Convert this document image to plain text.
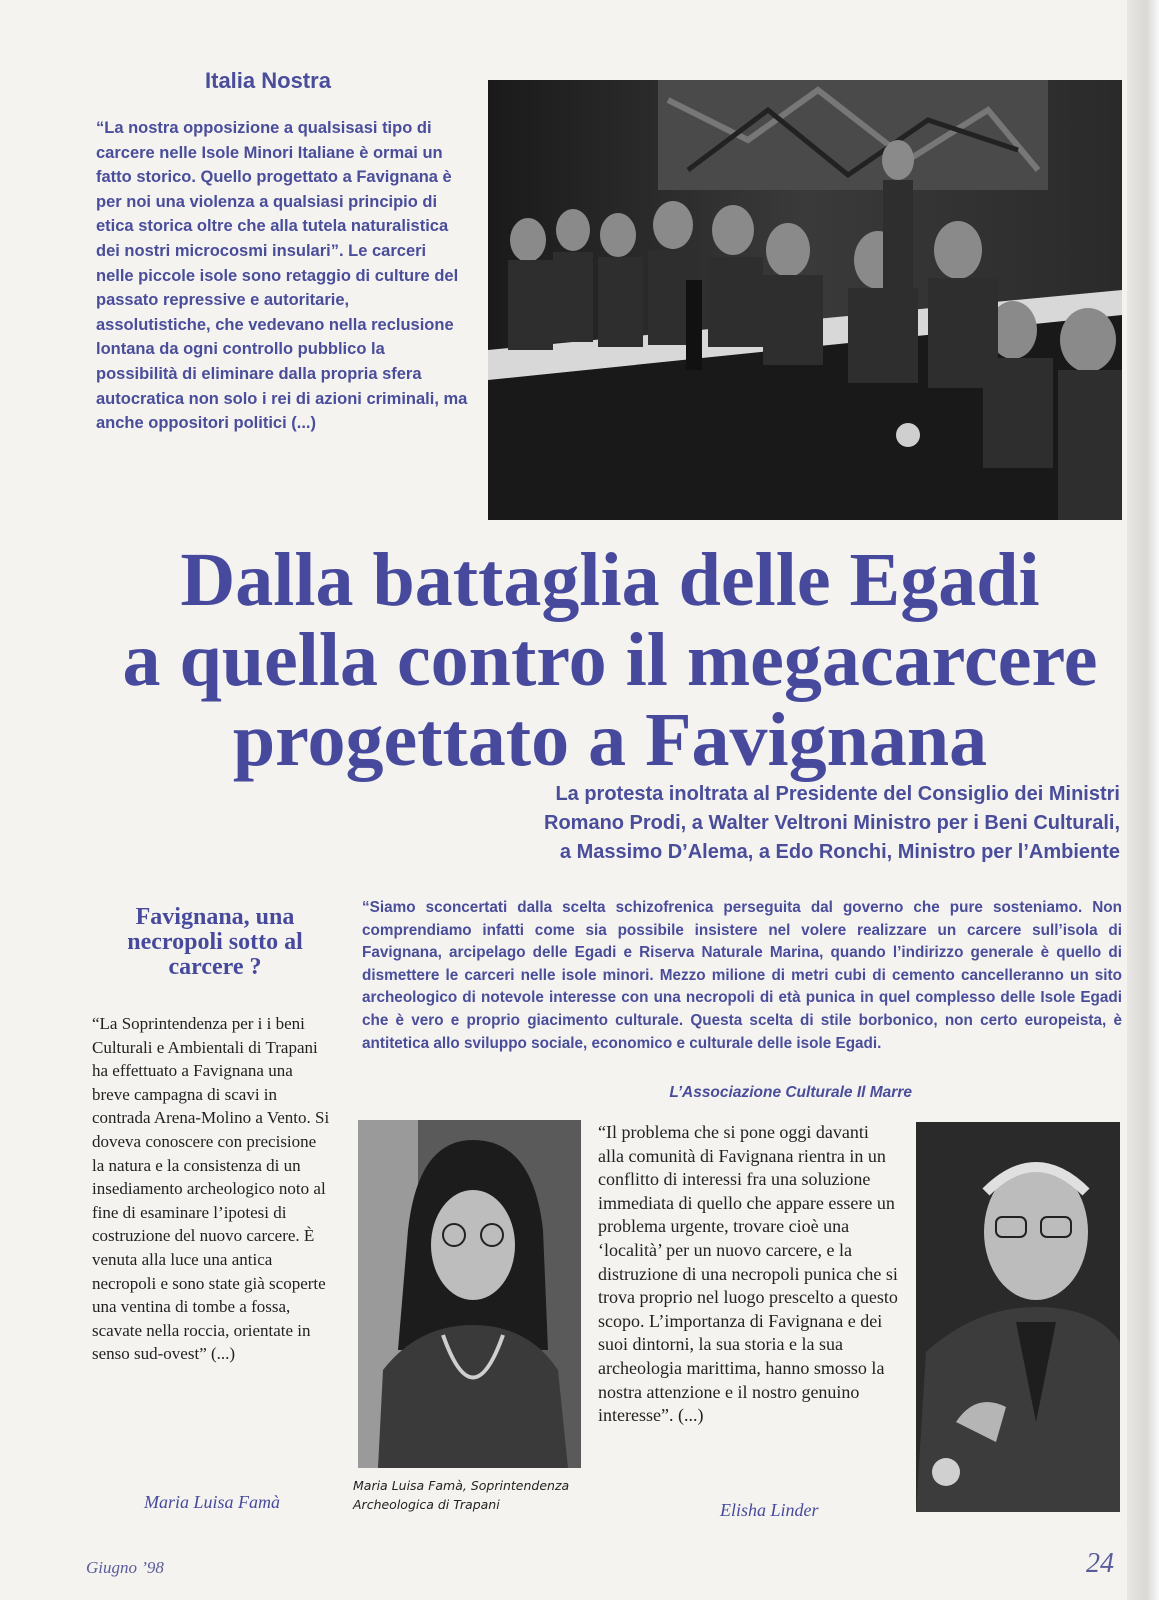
Italia Nostra
“La nostra opposizione a qualsisasi tipo di carcere nelle Isole Minori Italiane è ormai un fatto storico. Quello progettato a Favignana è per noi una violenza a qualsiasi principio di etica storica oltre che alla tutela naturalistica dei nostri microcosmi insulari”. Le carceri nelle piccole isole sono retaggio di culture del passato repressive e autoritarie, assolutistiche, che vedevano nella reclusione lontana da ogni controllo pubblico la possibilità di eliminare dalla propria sfera autocratica non solo i rei di azioni criminali, ma anche oppositori politici (...)
Dalla battaglia delle Egadi
a quella contro il megacarcere
progettato a Favignana
La protesta inoltrata al Presidente del Consiglio dei Ministri
Romano Prodi, a Walter Veltroni Ministro per i Beni Culturali,
a Massimo D’Alema, a Edo Ronchi, Ministro per l’Ambiente
Favignana, una necropoli sotto al carcere ?
“La Soprintendenza per i i beni Culturali e Ambientali di Trapani ha effettuato a Favignana una breve campagna di scavi in contrada Arena-Molino a Vento. Si doveva conoscere con precisione la natura e la consistenza di un insediamento archeologico noto al fine di esaminare l’ipotesi di costruzione del nuovo carcere. È venuta alla luce una antica necropoli e sono state già scoperte una ventina di tombe a fossa, scavate nella roccia, orientate in senso sud-ovest” (...)
Maria Luisa Famà
“Siamo sconcertati dalla scelta schizofrenica perseguita dal governo che pure sosteniamo. Non comprendiamo infatti come sia possibile insistere nel volere realizzare un carcere sull’isola di Favignana, arcipelago delle Egadi e Riserva Naturale Marina, quando l’indirizzo generale è quello di dismettere le carceri nelle isole minori. Mezzo milione di metri cubi di cemento cancelleranno un sito archeologico di notevole interesse con una necropoli di età punica in quel complesso delle Isole Egadi che è vero e proprio giacimento culturale. Questa scelta di stile borbonico, non certo europeista, è antitetica allo sviluppo sociale, economico e culturale delle isole Egadi.
L’Associazione Culturale Il Marre
Maria Luisa Famà, Soprintendenza Archeologica di Trapani
“Il problema che si pone oggi davanti alla comunità di Favignana rientra in un conflitto di interessi fra una soluzione immediata di quello che appare essere un problema urgente, trovare cioè una ‘località’ per un nuovo carcere, e la distruzione di una necropoli punica che si trova proprio nel luogo prescelto a questo scopo. L’importanza di Favignana e dei suoi dintorni, la sua storia e la sua archeologia marittima, hanno smosso la nostra attenzione e il nostro genuino interesse”. (...)
Elisha Linder
Giugno ’98	24
